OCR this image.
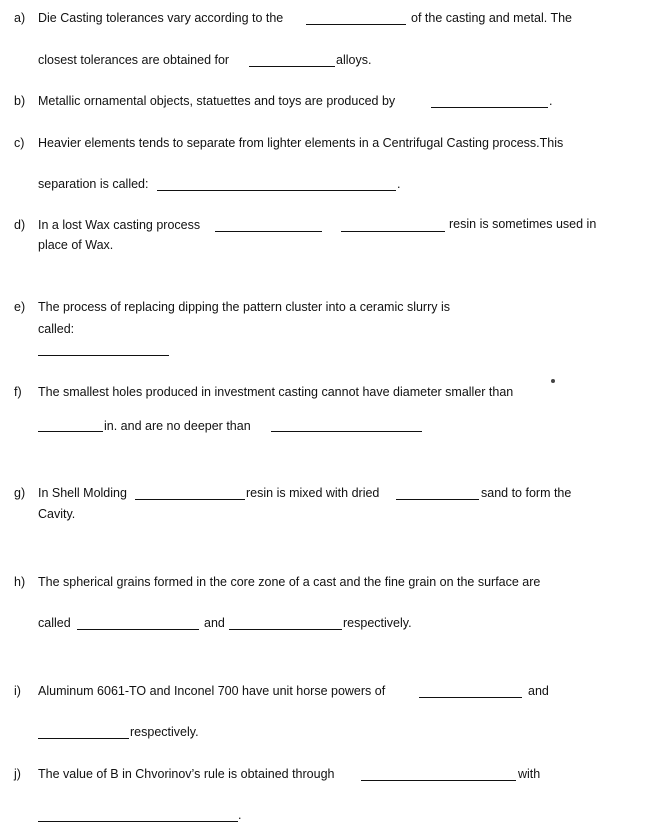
a) Die Casting tolerances vary according to the	of the casting and metal. The
closest tolerances are obtained for	alloys.
b) Metallic ornamental objects, statuettes and toys are produced by	.
c) Heavier elements tends to separate from lighter elements in a Centrifugal Casting process.This
separation is called:	.
d) In a lost Wax casting process	resin is sometimes used in
place of Wax.
e) The process of replacing dipping the pattern cluster into a ceramic slurry is
called:
f) The smallest holes produced in investment casting cannot have diameter smaller than
in. and are no deeper than
g) In Shell Molding	resin is mixed with dried	sand to form the
Cavity.
h) The spherical grains formed in the core zone of a cast and the fine grain on the surface are
called	and	respectively.
i) Aluminum 6061-TO and Inconel 700 have unit horse powers of	and
respectively.
j) The value of B in Chvorinov’s rule is obtained through	with
.
